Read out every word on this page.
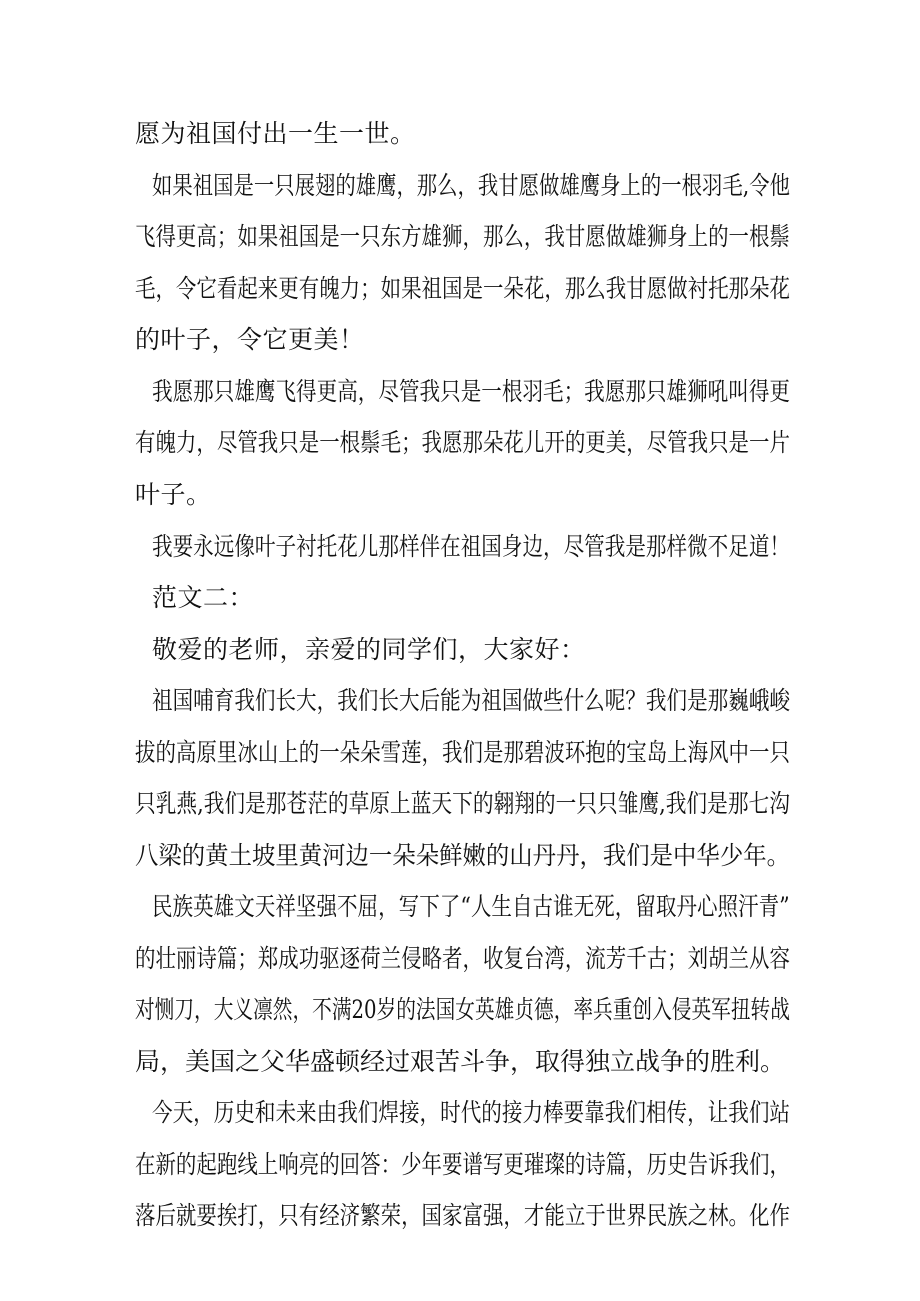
愿为祖国付出一生一世。
如果祖国是一只展翅的雄鹰，那么，我甘愿做雄鹰身上的一根羽毛,令他
飞得更高；如果祖国是一只东方雄狮，那么，我甘愿做雄狮身上的一根鬃
毛，令它看起来更有魄力；如果祖国是一朵花，那么我甘愿做衬托那朵花
的叶子，令它更美！
我愿那只雄鹰飞得更高，尽管我只是一根羽毛；我愿那只雄狮吼叫得更
有魄力，尽管我只是一根鬃毛；我愿那朵花儿开的更美，尽管我只是一片
叶子。
我要永远像叶子衬托花儿那样伴在祖国身边，尽管我是那样微不足道！
范文二：
敬爱的老师，亲爱的同学们，大家好：
祖国哺育我们长大，我们长大后能为祖国做些什么呢？我们是那巍峨峻
拔的高原里冰山上的一朵朵雪莲，我们是那碧波环抱的宝岛上海风中一只
只乳燕,我们是那苍茫的草原上蓝天下的翱翔的一只只雏鹰,我们是那七沟
八梁的黄土坡里黄河边一朵朵鲜嫩的山丹丹，我们是中华少年。
民族英雄文天祥坚强不屈，写下了“人生自古谁无死，留取丹心照汗青”
的壮丽诗篇；郑成功驱逐荷兰侵略者，收复台湾，流芳千古；刘胡兰从容
对恻刀，大义凛然，不满20岁的法国女英雄贞德，率兵重创入侵英军扭转战
局，美国之父华盛顿经过艰苦斗争，取得独立战争的胜利。
今天，历史和未来由我们焊接，时代的接力棒要靠我们相传，让我们站
在新的起跑线上响亮的回答：少年要谱写更璀璨的诗篇，历史告诉我们，
落后就要挨打，只有经济繁荣，国家富强，才能立于世界民族之林。化作
